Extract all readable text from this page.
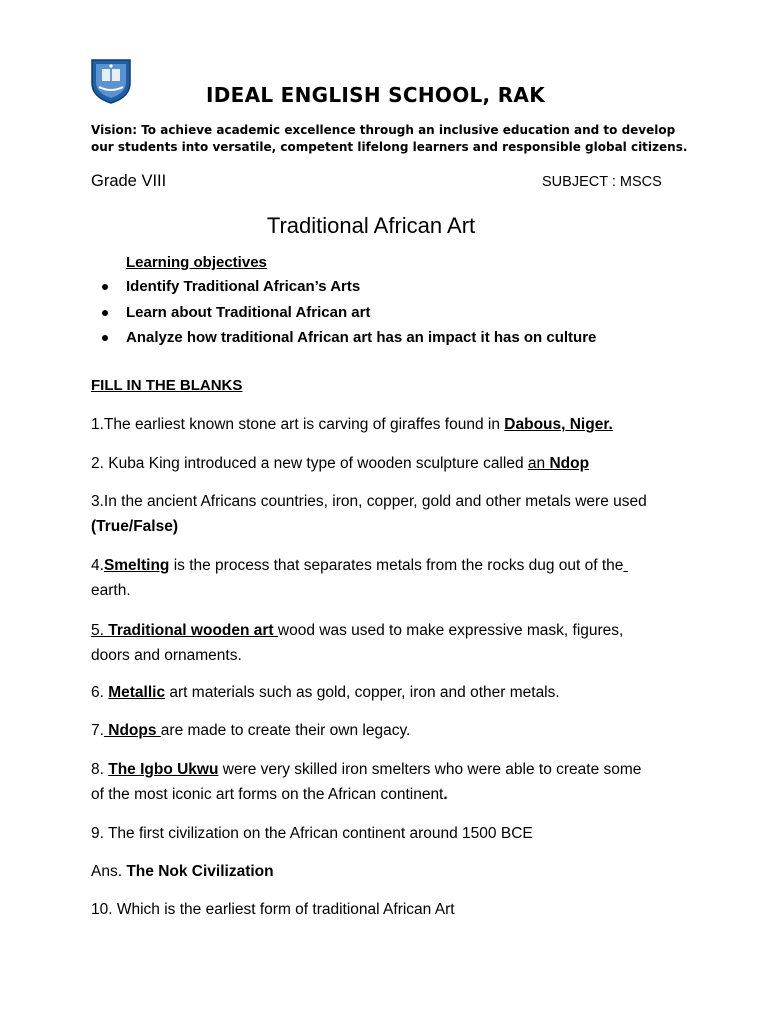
IDEAL ENGLISH SCHOOL, RAK
Vision: To achieve academic excellence through an inclusive education and to develop our students into versatile, competent lifelong learners and responsible global citizens.
Grade VIII	SUBJECT : MSCS
Traditional African Art
Learning objectives
Identify Traditional African’s Arts
Learn about Traditional African art
Analyze how traditional African art has an impact it has on culture
FILL IN THE BLANKS
1.The earliest known stone art is carving of giraffes found in Dabous, Niger.
2. Kuba King introduced a new type of wooden sculpture called an Ndop
3.In the ancient Africans countries, iron, copper, gold and other metals were used
(True/False)
4.Smelting is the process that separates metals from the rocks dug out of the
earth.
5. Traditional wooden art wood was used to make expressive mask, figures,
doors and ornaments.
6. Metallic art materials such as gold, copper, iron and other metals.
7. Ndops are made to create their own legacy.
8. The Igbo Ukwu were very skilled iron smelters who were able to create some
of the most iconic art forms on the African continent.
9. The first civilization on the African continent around 1500 BCE
Ans. The Nok Civilization
10. Which is the earliest form of traditional African Art
